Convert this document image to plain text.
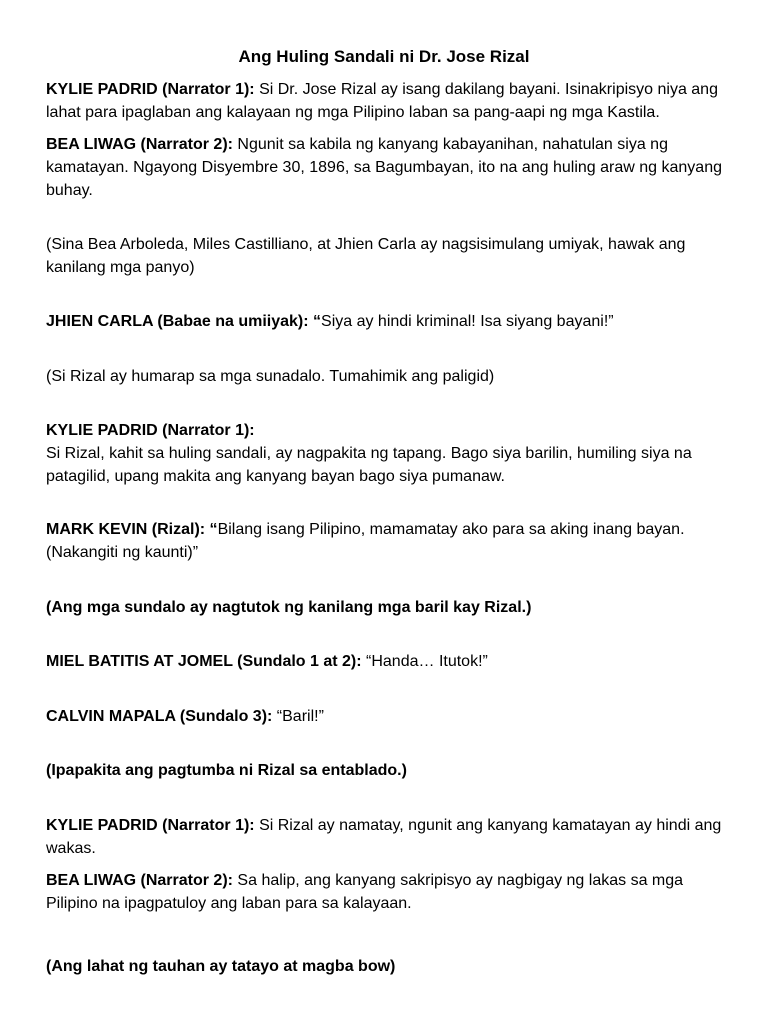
Ang Huling Sandali ni Dr. Jose Rizal

KYLIE PADRID (Narrator 1): Si Dr. Jose Rizal ay isang dakilang bayani. Isinakripisyo niya ang lahat para ipaglaban ang kalayaan ng mga Pilipino laban sa pang-aapi ng mga Kastila.

BEA LIWAG (Narrator 2): Ngunit sa kabila ng kanyang kabayanihan, nahatulan siya ng kamatayan. Ngayong Disyembre 30, 1896, sa Bagumbayan, ito na ang huling araw ng kanyang buhay.

(Sina Bea Arboleda, Miles Castilliano, at Jhien Carla ay nagsisimulang umiyak, hawak ang kanilang mga panyo)

JHIEN CARLA (Babae na umiiyak): “Siya ay hindi kriminal! Isa siyang bayani!”

(Si Rizal ay humarap sa mga sunadalo. Tumahimik ang paligid)

KYLIE PADRID (Narrator 1):
Si Rizal, kahit sa huling sandali, ay nagpakita ng tapang. Bago siya barilin, humiling siya na patagilid, upang makita ang kanyang bayan bago siya pumanaw.

MARK KEVIN (Rizal): “Bilang isang Pilipino, mamamatay ako para sa aking inang bayan. (Nakangiti ng kaunti)”

(Ang mga sundalo ay nagtutok ng kanilang mga baril kay Rizal.)

MIEL BATITIS AT JOMEL (Sundalo 1 at 2): “Handa… Itutok!”

CALVIN MAPALA (Sundalo 3): “Baril!”

(Ipapakita ang pagtumba ni Rizal sa entablado.)

KYLIE PADRID (Narrator 1): Si Rizal ay namatay, ngunit ang kanyang kamatayan ay hindi ang wakas.

BEA LIWAG (Narrator 2): Sa halip, ang kanyang sakripisyo ay nagbigay ng lakas sa mga Pilipino na ipagpatuloy ang laban para sa kalayaan.

(Ang lahat ng tauhan ay tatayo at magba bow)
